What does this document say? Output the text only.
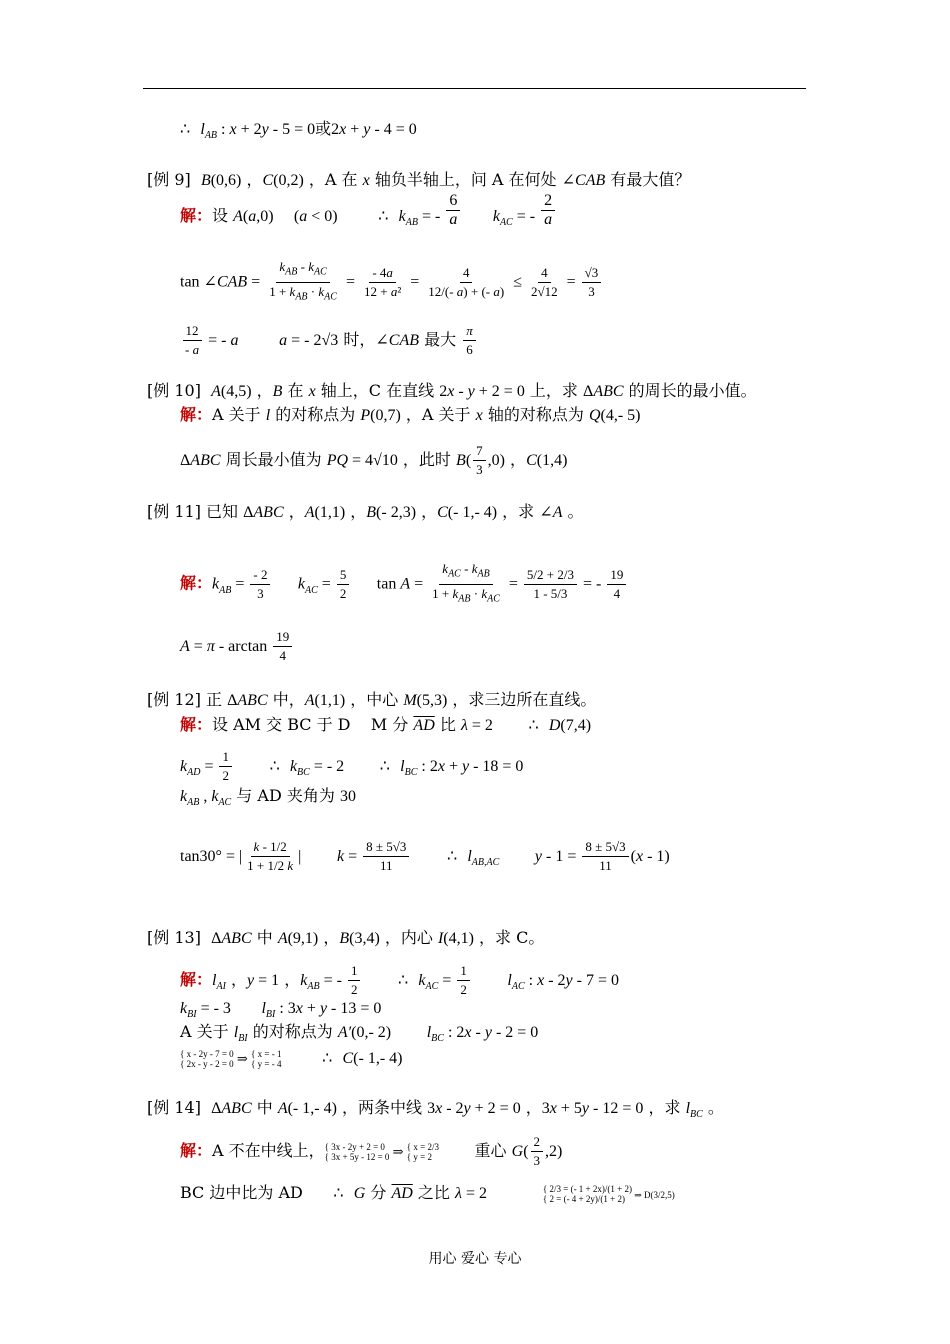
∴  $l_{AB}$ : x + 2y - 5 = 0或2x + y - 4 = 0
[例 9]  B(0,6) ，C(0,2) ，A 在 x 轴负半轴上，问 A 在何处 ∠CAB 有最大值？
解：设 A(a,0) (a < 0)        ∴  $k_{AB}$ = - $\frac{6}{a} k_{AC}$ = - $\frac{2}{a}$
tan ∠CAB = $\frac{k_{AB} - k_{AC}}{1 + k_{AB} \cdot k_{AC}} = \frac{- 4a}{\text{12 + a²}} = \frac{4}{12/(- a) + (- a)} \le \frac{4}{2√12} = \frac{√3}{3}$
$\frac{12}{- a}$ = - a	a = - 2√3 时，∠CAB 最大 $\frac{\pi}{6}$
[例 10]  A(4,5) ，B 在 x 轴上，C 在直线 2x - y + 2 = 0 上，求 ΔABC 的周长的最小值。
解：A 关于 l 的对称点为 P(0,7) ，A 关于 x 轴的对称点为 Q(4,- 5)
ΔABC 周长最小值为 PQ = 4√10 ，此时 $B( \frac{7}{3} ,0)$ ，C(1,4)
[例 11] 已知 ΔABC ，A(1,1) ，B(- 2,3) ，C(- 1,- 4) ，求 ∠A 。
解：$k_{AB} = \frac{- 2}{3} k_{AC} = \frac{5}{2}$ $\tan A = \frac{k_{AC} - k_{AB}}{1 + k_{AB} \cdot k_{AC}} = \frac{5/2 + 2/3}{1 - 5/3}$ = - $\frac{19}{4}$
$A = \pi - \arctan \frac{19}{4}$
[例 12] 正 ΔABC 中，A(1,1) ，中心 M(5,3) ，求三边所在直线。
解：设 AM 交 BC 于 D    M 分 $\overline{AD}$ 比 λ = 2       ∴  D(7,4)
$k_{AD} = \frac{1}{2}$ ∴  $k_{BC}$ = - 2       ∴  $l_{BC}$ : 2x + y - 18 = 0
$k_{AB}$ , $k_{AC}$ 与 AD 夹角为 30
tan30° = | $\frac{k - 1/2}{1 + 1/2 k}$ | $k = \frac{8 \pm 5√3}{11}$ ∴  $l_{AB,AC}$ $y - 1 = \frac{8 \pm 5√3}{11} (x - 1)$
[例 13]  ΔABC 中 A(9,1) ，B(3,4) ，内心 I(4,1) ，求 C。
解：$l_{AI}$ ，y = 1 ，$k_{AB}$ = - $\frac{1}{2}$ ∴  $k_{AC} = \frac{1}{2} l_{AC}$ : x - 2y - 7 = 0
$k_{BI}$ = - 3 $l_{BI}$ : 3x + y - 13 = 0
A 关于 $l_{BI}$ 的对称点为 A′(0,- 2) $l_{BC}$ : 2x - y - 2 = 0
{ x - 2y - 7 = 0
{ 2x - y - 2 = 0 ⇒ { x = - 1
{ y = - 4        ∴  C(- 1,- 4)
[例 14]  ΔABC 中 A(- 1,- 4) ，两条中线 3x - 2y + 2 = 0 ，3x + 5y - 12 = 0 ，求 $l_{BC}$ 。
解：A 不在中线上，{ 3x - 2y + 2 = 0
{ 3x + 5y - 12 = 0 ⇒ { x = 2/3
{ y = 2       重心 $G( \frac{2}{3} ,2)$
BC 边中比为 AD      ∴  G 分 $\overline{AD}$ 之比 λ = 2	{ 2/3 = (- 1 + 2x)/(1 + 2)
{ 2 = (- 4 + 2y)/(1 + 2) ⇒ D(3/2,5)
用心 爱心 专心
